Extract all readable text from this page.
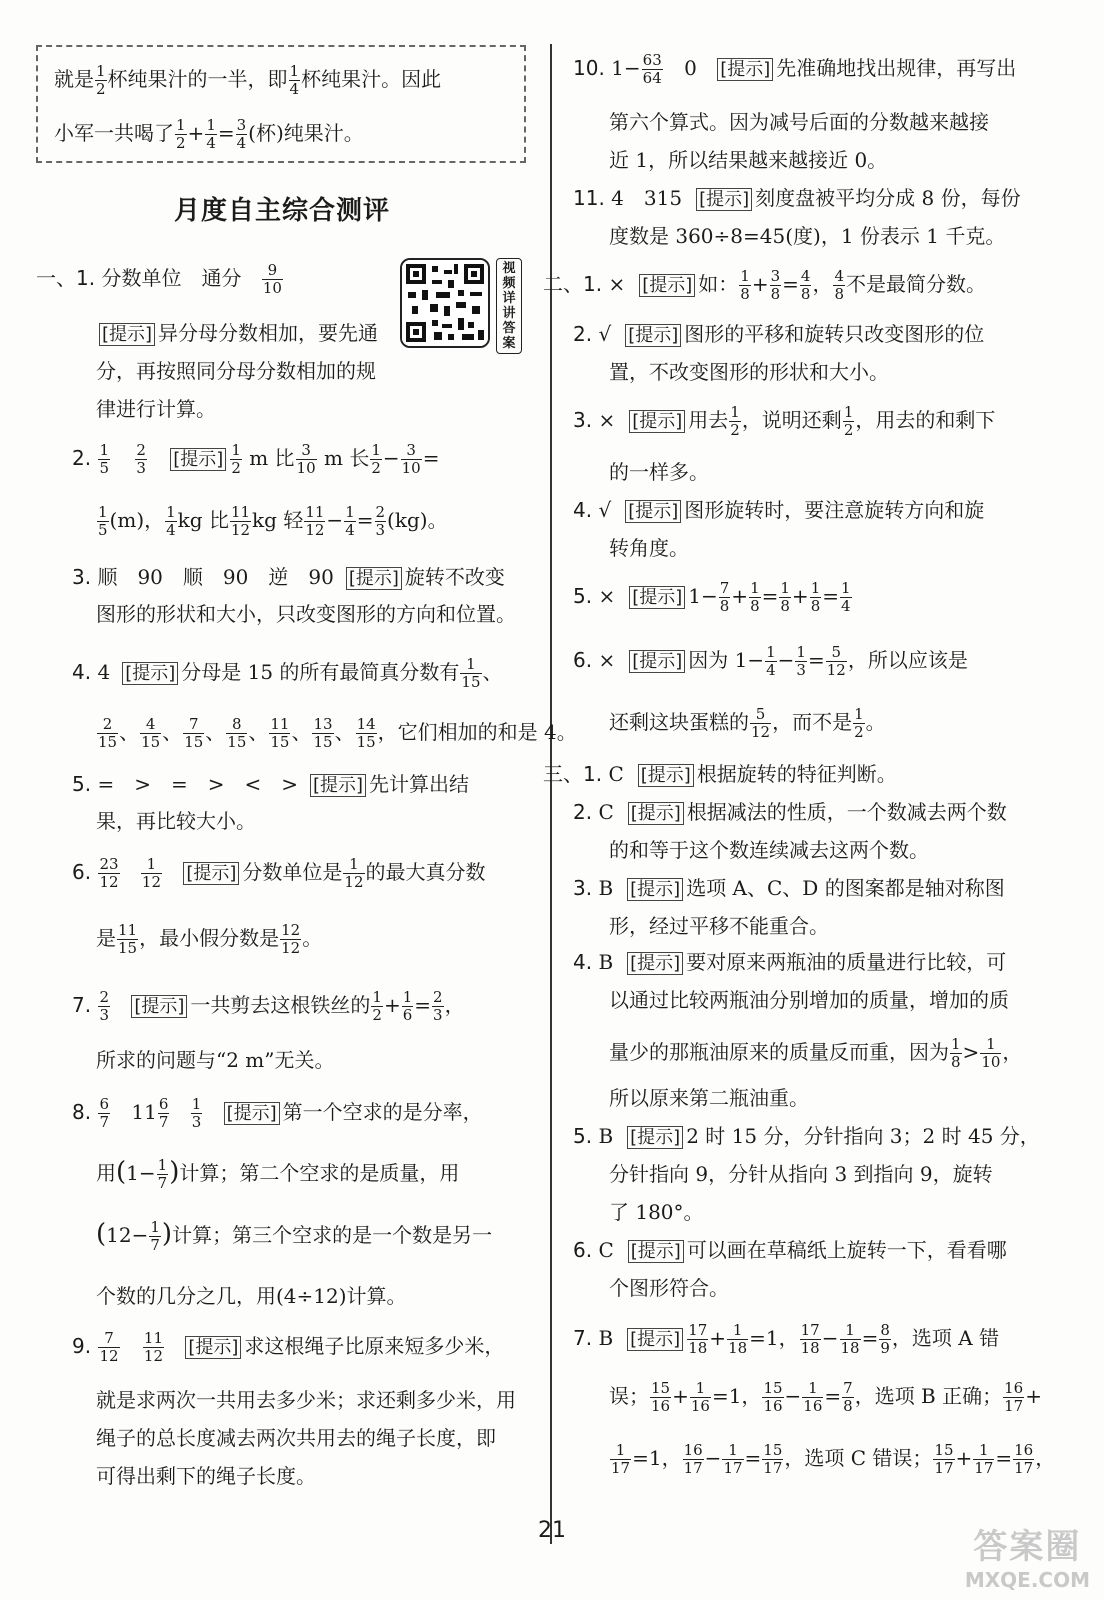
就是 $\frac{1}{2}$ 杯纯果汁的一半，即 $\frac{1}{4}$ 杯纯果汁。因此
小军一共喝了 $\frac{1}{2} + \frac{1}{4} = \frac{3}{4}$ (杯)纯果汁。
月度自主综合测评
视频详讲答案
一、1. 分数单位　通分 $\frac{9}{10}$
[提示] 异分母分数相加，要先通
分，再按照同分母分数相加的规
律进行计算。
2. $\frac{1}{5}$
$\frac{2}{3}$ [提示] $\frac{1}{2}$ m 比 $\frac{3}{10}$ m 长 $\frac{1}{2} - \frac{3}{10}$ =
$\frac{1}{5} (m)$， $\frac{1}{4}$ kg 比 $\frac{11}{12}$ kg 轻 $\frac{11}{12} - \frac{1}{4} = \frac{2}{3} (kg)$。
3. 顺　90　顺　90　逆　90 [提示] 旋转不改变
图形的形状和大小，只改变图形的方向和位置。
4. 4 [提示] 分母是 15 的所有最简真分数有 $\frac{1}{15}$ 、
$\frac{2}{15}$ 、 $\frac{4}{15}$ 、 $\frac{7}{15}$ 、 $\frac{8}{15}$ 、 $\frac{11}{15}$ 、 $\frac{13}{15}$ 、 $\frac{14}{15}$ ，它们相加的和是 4。
5. =　>　=　>　<　> [提示] 先计算出结
果，再比较大小。
6. $\frac{23}{12}$
$\frac{1}{12}$ [提示] 分数单位是 $\frac{1}{12}$ 的最大真分数
是 $\frac{11}{15}$ ，最小假分数是 $\frac{12}{12}$ 。
7. $\frac{2}{3}$ [提示] 一共剪去这根铁丝的 $\frac{1}{2} + \frac{1}{6} = \frac{2}{3}$ ，
所求的问题与“2 m”无关。
8. $\frac{6}{7} 11 \frac{6}{7}$
$\frac{1}{3}$ [提示] 第一个空求的是分率，
用($1- \frac{1}{7}$ )计算；第二个空求的是质量，用
($12- \frac{1}{7}$ )计算；第三个空求的是一个数是另一
个数的几分之几，用(4÷12)计算。
9. $\frac{7}{12}$
$\frac{11}{12}$ [提示] 求这根绳子比原来短多少米，
就是求两次一共用去多少米；求还剩多少米，用
绳子的总长度减去两次共用去的绳子长度，即
可得出剩下的绳子长度。
10. $1- \frac{63}{64} 0$ [提示] 先准确地找出规律，再写出
第六个算式。因为减号后面的分数越来越接
近 1，所以结果越来越接近 0。
11. 4　315 [提示] 刻度盘被平均分成 8 份，每份
度数是 360÷8=45(度)，1 份表示 1 千克。
二、1. × [提示] 如： $\frac{1}{8} + \frac{3}{8} = \frac{4}{8}$ ， $\frac{4}{8}$ 不是最简分数。
2. √ [提示] 图形的平移和旋转只改变图形的位
置，不改变图形的形状和大小。
3. × [提示] 用去 $\frac{1}{2}$ ，说明还剩 $\frac{1}{2}$ ，用去的和剩下
的一样多。
4. √ [提示] 图形旋转时，要注意旋转方向和旋
转角度。
5. × [提示] $1- \frac{7}{8} + \frac{1}{8} = \frac{1}{8} + \frac{1}{8} = \frac{1}{4}$
6. × [提示] 因为 $1- \frac{1}{4} - \frac{1}{3} = \frac{5}{12}$ ，所以应该是
还剩这块蛋糕的 $\frac{5}{12}$ ，而不是 $\frac{1}{2}$ 。
三、1. C [提示] 根据旋转的特征判断。
2. C [提示] 根据减法的性质，一个数减去两个数
的和等于这个数连续减去这两个数。
3. B [提示] 选项 A、C、D 的图案都是轴对称图
形，经过平移不能重合。
4. B [提示] 要对原来两瓶油的质量进行比较，可
以通过比较两瓶油分别增加的质量，增加的质
量少的那瓶油原来的质量反而重，因为 $\frac{1}{8} > \frac{1}{10}$ ，
所以原来第二瓶油重。
5. B [提示] 2 时 15 分，分针指向 3；2 时 45 分，
分针指向 9，分针从指向 3 到指向 9，旋转
了 180°。
6. C [提示] 可以画在草稿纸上旋转一下，看看哪
个图形符合。
7. B [提示] $\frac{17}{18} + \frac{1}{18} =1$， $\frac{17}{18} - \frac{1}{18} = \frac{8}{9}$ ，选项 A 错
误； $\frac{15}{16} + \frac{1}{16} =1$， $\frac{15}{16} - \frac{1}{16} = \frac{7}{8}$ ，选项 B 正确； $\frac{16}{17}$ +
$\frac{1}{17} =1$， $\frac{16}{17} - \frac{1}{17} = \frac{15}{17}$ ，选项 C 错误； $\frac{15}{17} + \frac{1}{17} = \frac{16}{17}$ ，
21	答案圈
MXQE.COM
